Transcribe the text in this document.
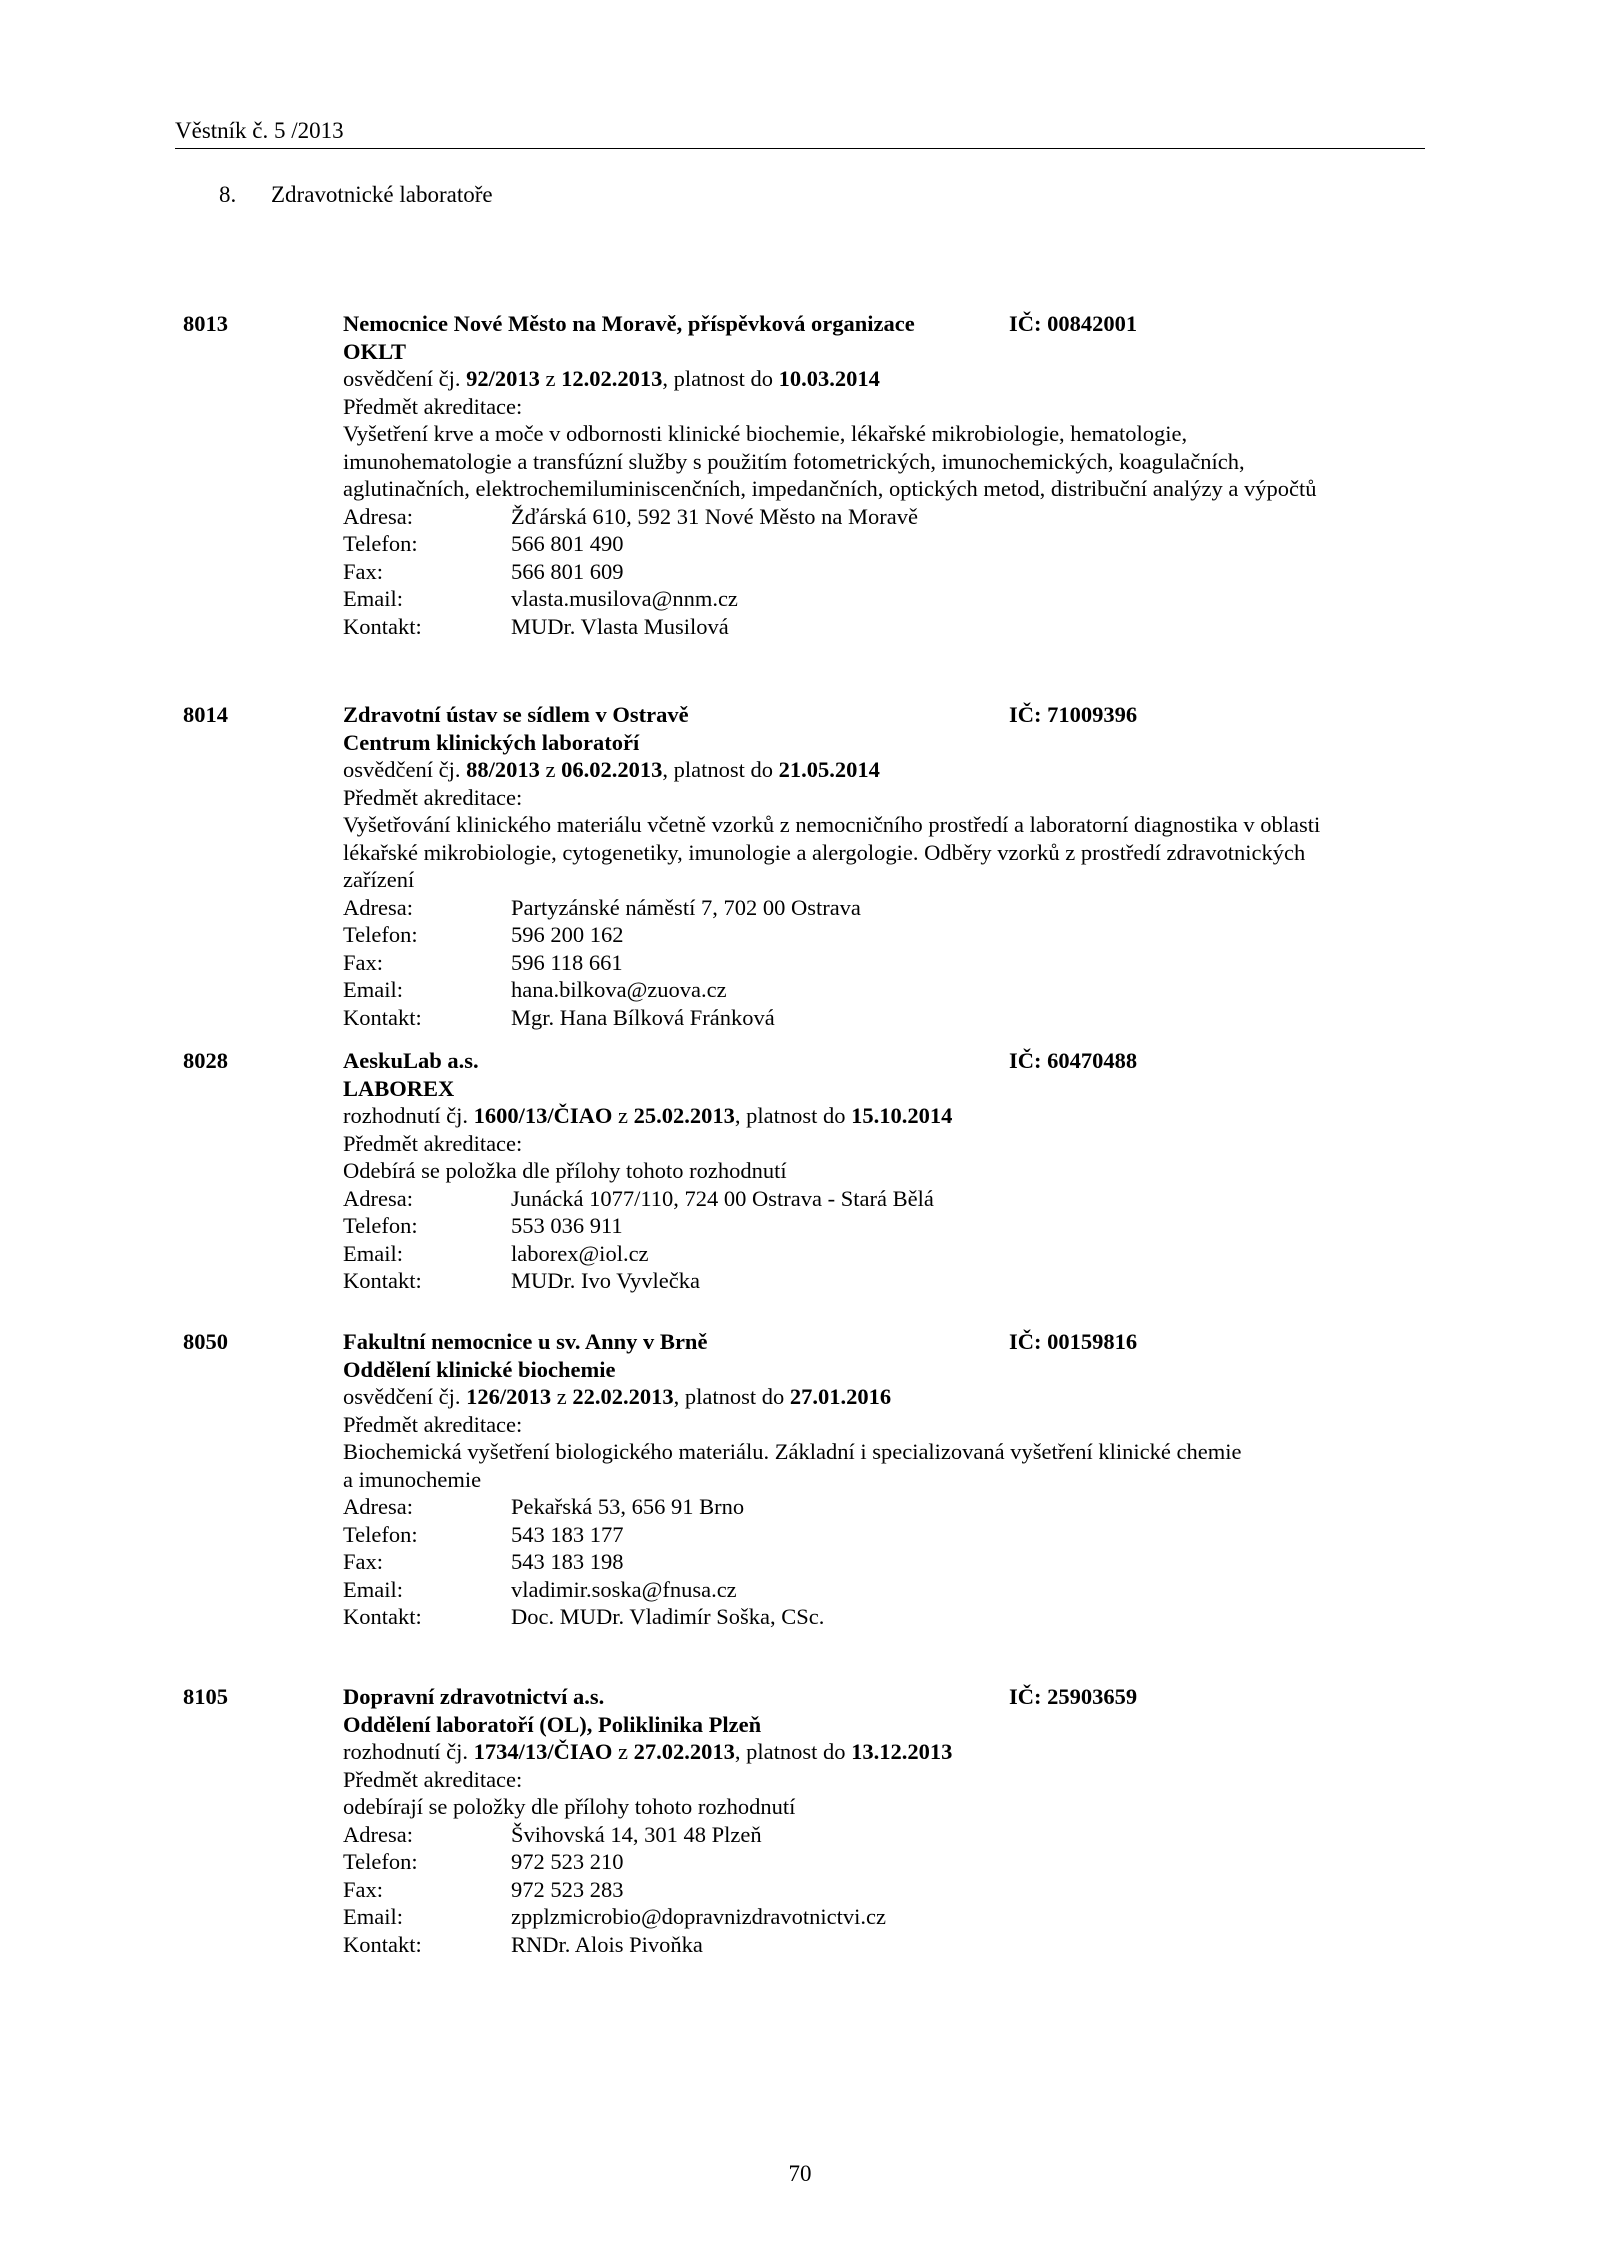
Věstník č. 5 /2013
8. Zdravotnické laboratoře
8013	Nemocnice Nové Město na Moravě, příspěvková organizace	IČ: 00842001
OKLT
osvědčení čj. 92/2013 z 12.02.2013, platnost do 10.03.2014
Předmět akreditace:
Vyšetření krve a moče v odbornosti klinické biochemie, lékařské mikrobiologie, hematologie,
imunohematologie a transfúzní služby s použitím fotometrických, imunochemických, koagulačních,
aglutinačních, elektrochemiluminiscenčních, impedančních, optických metod, distribuční analýzy a výpočtů
Adresa:	Žďárská 610, 592 31 Nové Město na Moravě
Telefon:	566 801 490
Fax:	566 801 609
Email:	vlasta.musilova@nnm.cz
Kontakt:	MUDr. Vlasta Musilová
8014	Zdravotní ústav se sídlem v Ostravě	IČ: 71009396
Centrum klinických laboratoří
osvědčení čj. 88/2013 z 06.02.2013, platnost do 21.05.2014
Předmět akreditace:
Vyšetřování klinického materiálu včetně vzorků z nemocničního prostředí a laboratorní diagnostika v oblasti
lékařské mikrobiologie, cytogenetiky, imunologie a alergologie. Odběry vzorků z prostředí zdravotnických
zařízení
Adresa:	Partyzánské náměstí 7, 702 00 Ostrava
Telefon:	596 200 162
Fax:	596 118 661
Email:	hana.bilkova@zuova.cz
Kontakt:	Mgr. Hana Bílková Fránková
8028	AeskuLab a.s.	IČ: 60470488
LABOREX
rozhodnutí čj. 1600/13/ČIAO z 25.02.2013, platnost do 15.10.2014
Předmět akreditace:
Odebírá se položka dle přílohy tohoto rozhodnutí
Adresa:	Junácká 1077/110, 724 00 Ostrava - Stará Bělá
Telefon:	553 036 911
Email:	laborex@iol.cz
Kontakt:	MUDr. Ivo Vyvlečka
8050	Fakultní nemocnice u sv. Anny v Brně	IČ: 00159816
Oddělení klinické biochemie
osvědčení čj. 126/2013 z 22.02.2013, platnost do 27.01.2016
Předmět akreditace:
Biochemická vyšetření biologického materiálu. Základní i specializovaná vyšetření klinické chemie
a imunochemie
Adresa:	Pekařská 53, 656 91 Brno
Telefon:	543 183 177
Fax:	543 183 198
Email:	vladimir.soska@fnusa.cz
Kontakt:	Doc. MUDr. Vladimír Soška, CSc.
8105	Dopravní zdravotnictví a.s.	IČ: 25903659
Oddělení laboratoří (OL), Poliklinika Plzeň
rozhodnutí čj. 1734/13/ČIAO z 27.02.2013, platnost do 13.12.2013
Předmět akreditace:
odebírají se položky dle přílohy tohoto rozhodnutí
Adresa:	Švihovská 14, 301 48 Plzeň
Telefon:	972 523 210
Fax:	972 523 283
Email:	zpplzmicrobio@dopravnizdravotnictvi.cz
Kontakt:	RNDr. Alois Pivoňka
70
